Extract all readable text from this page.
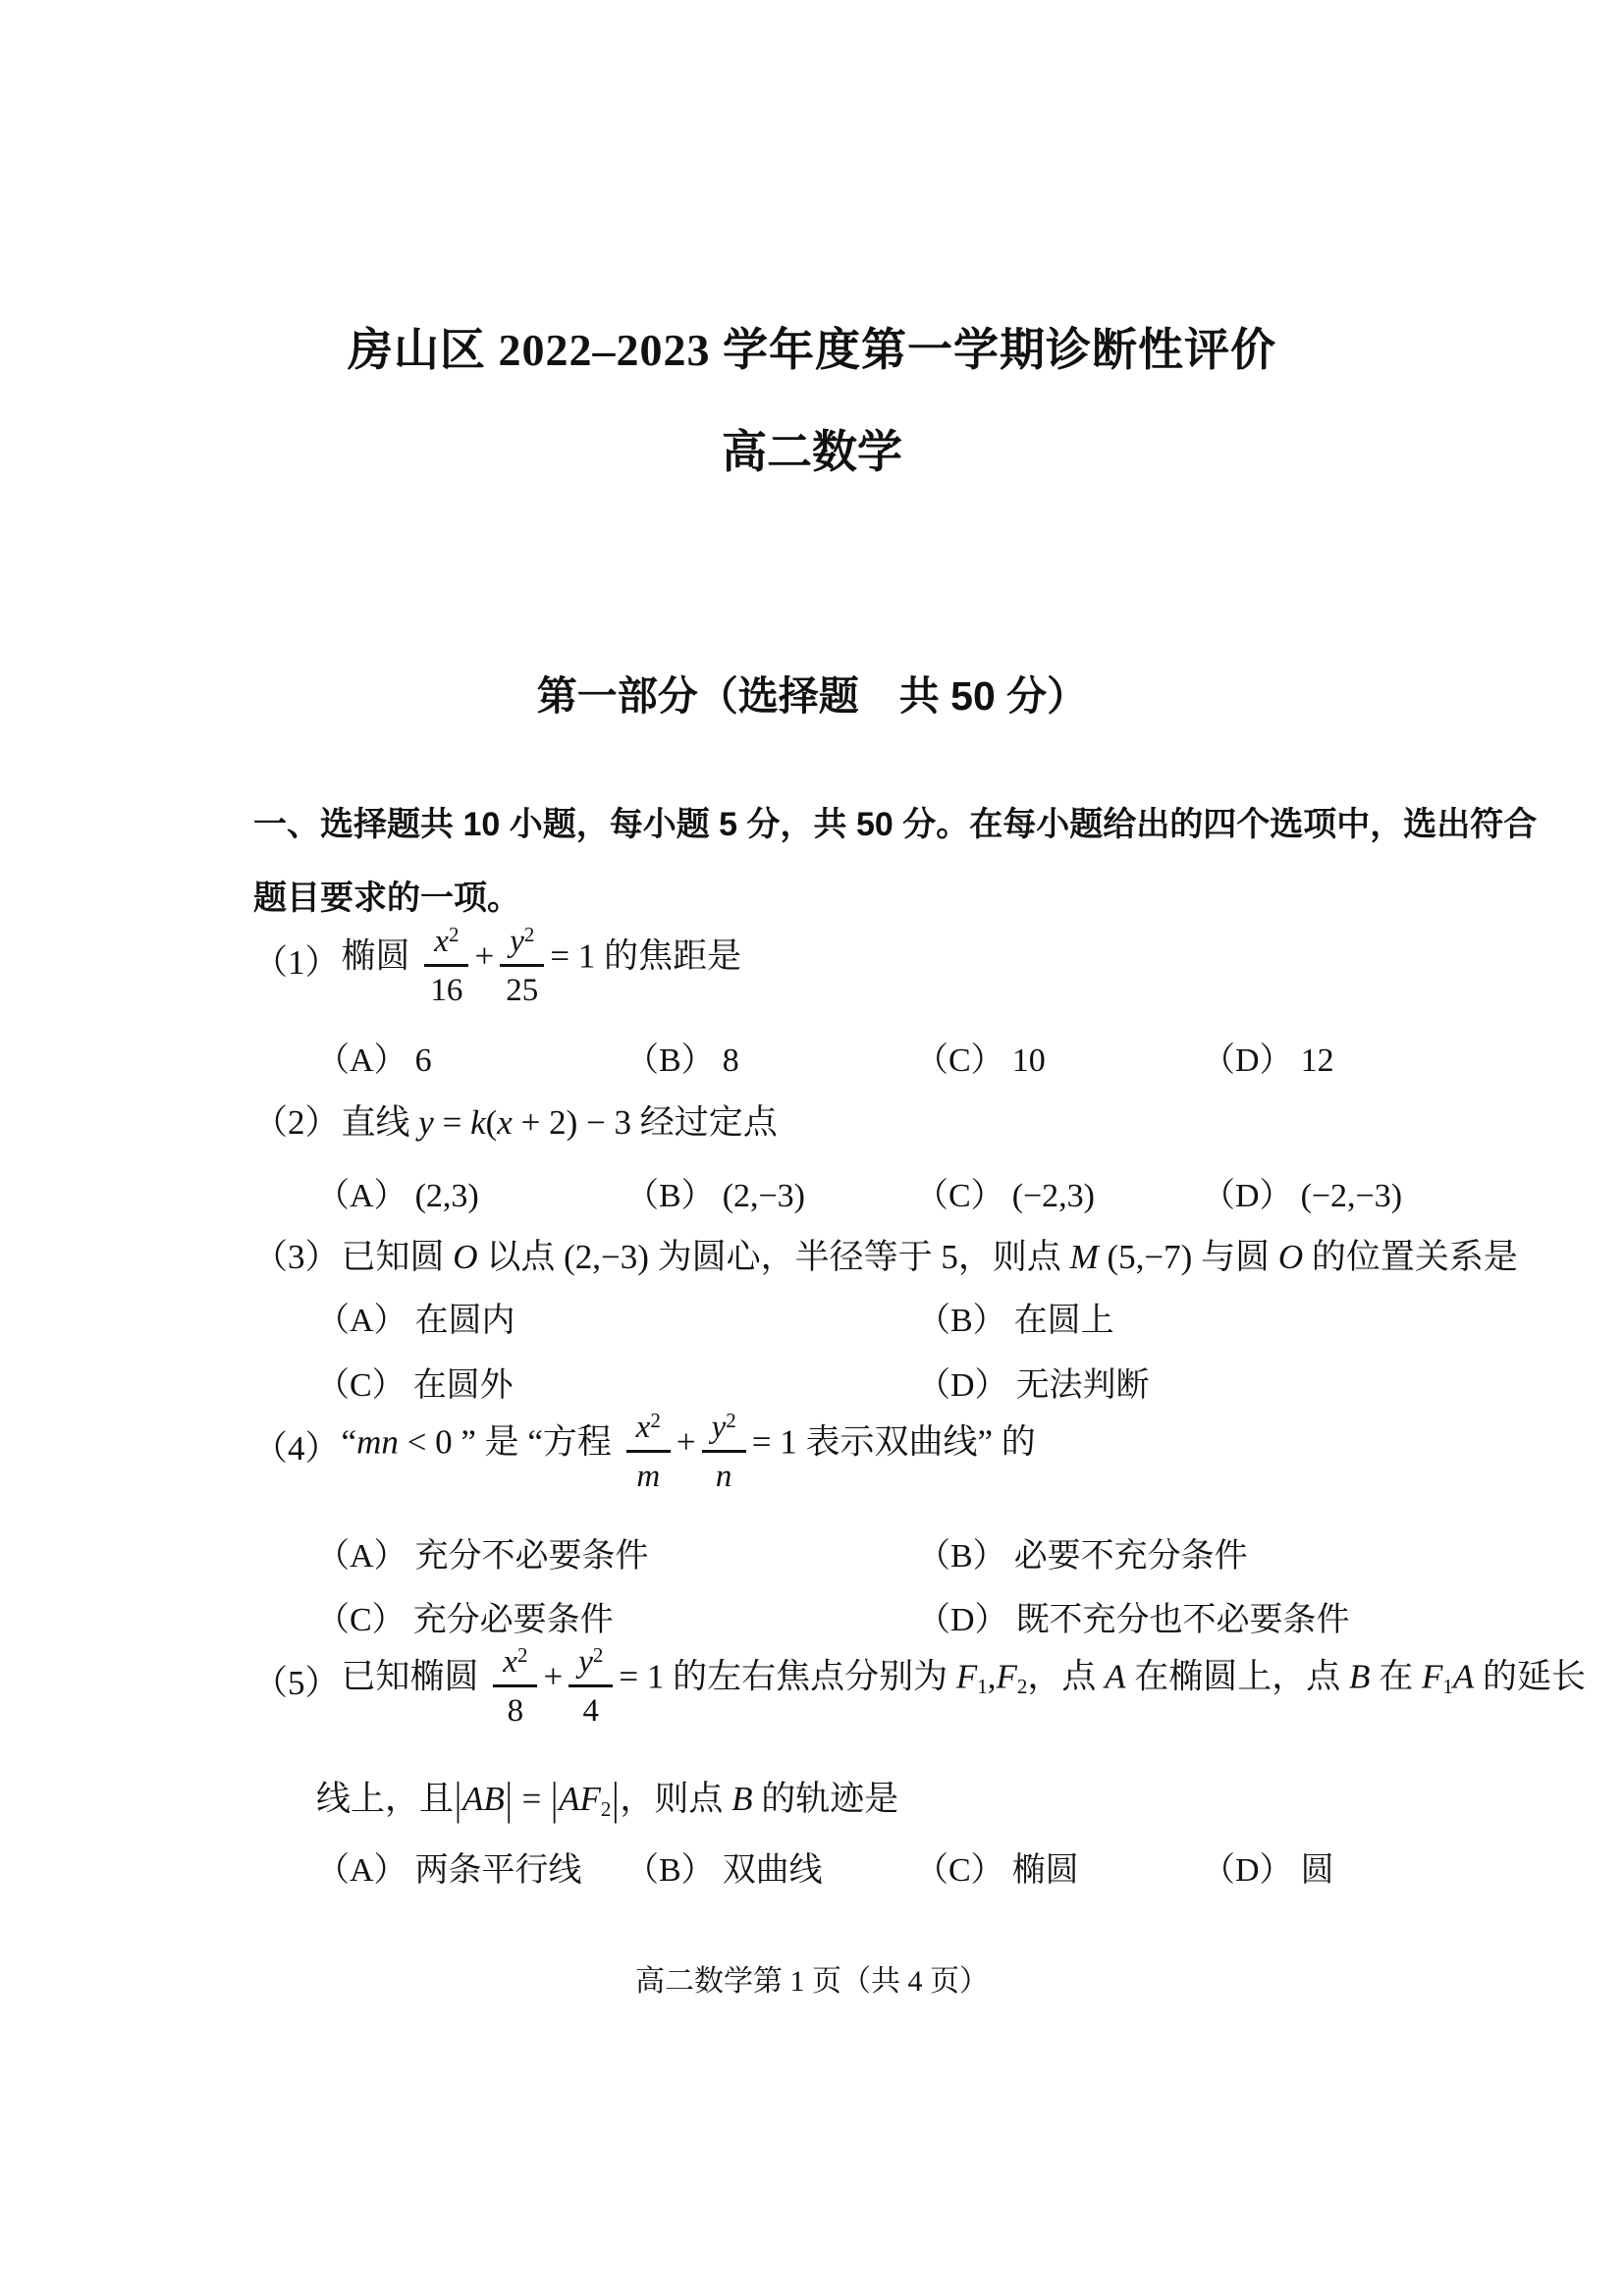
房山区 2022–2023 学年度第一学期诊断性评价
高二数学
第一部分（选择题　共 50 分）
一、选择题共 10 小题，每小题 5 分，共 50 分。在每小题给出的四个选项中，选出符合
题目要求的一项。
（1） 椭圆 $\frac{x^2}{16} + \frac{y^2}{25} = 1$ 的焦距是
（A） 6	（B） 8	（C） 10	（D） 12
（2） 直线 y = k(x + 2) − 3 经过定点
（A） (2,3)	（B） (2,−3)	（C） (−2,3)	（D） (−2,−3)
（3） 已知圆 O 以点 (2,−3) 为圆心，半径等于 5，则点 M (5,−7) 与圆 O 的位置关系是
（A） 在圆内	（B） 在圆上
（C） 在圆外	（D） 无法判断
（4） “mn < 0 ” 是 “方程 $\frac{x^2}{m} + \frac{y^2}{n} = 1$ 表示双曲线” 的
（A） 充分不必要条件	（B） 必要不充分条件
（C） 充分必要条件	（D） 既不充分也不必要条件
（5） 已知椭圆 $\frac{x^2}{8} + \frac{y^2}{4} = 1$ 的左右焦点分别为 F1,F2，点 A 在椭圆上，点 B 在 F1A 的延长
线上，且|AB| = |AF2|，则点 B 的轨迹是
（A） 两条平行线	（B） 双曲线	（C） 椭圆	（D） 圆
高二数学第 1 页（共 4 页）
